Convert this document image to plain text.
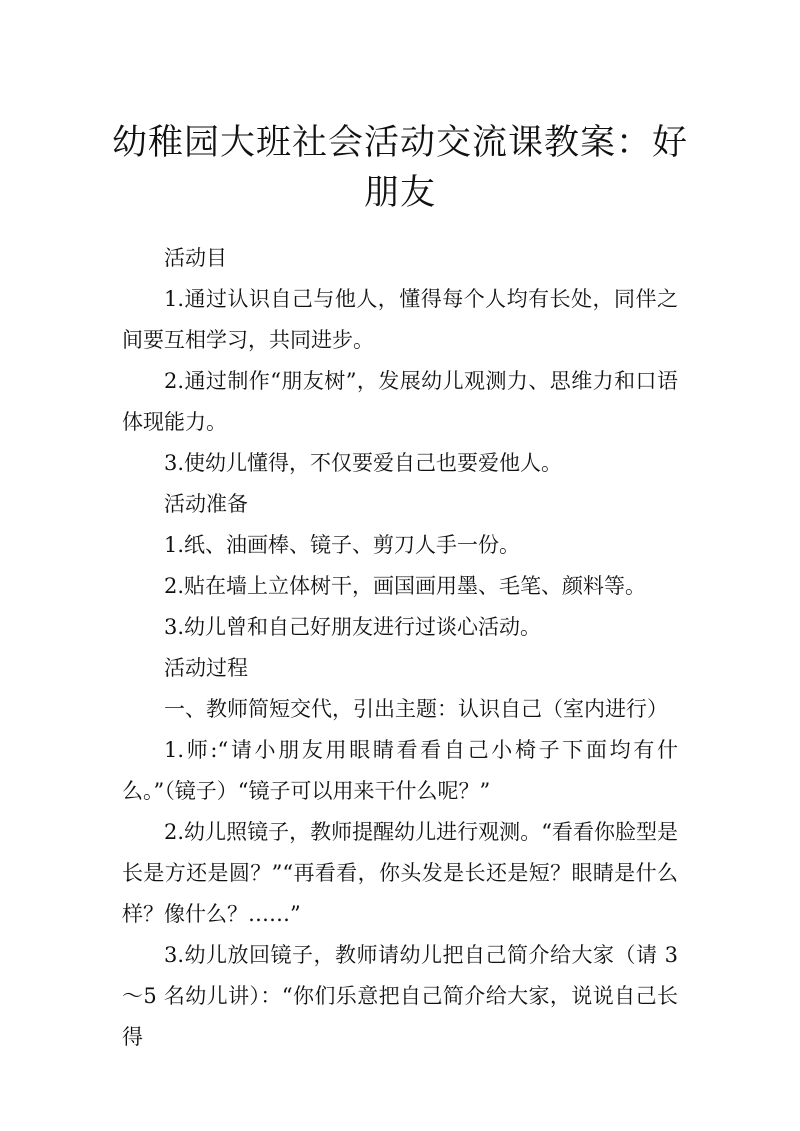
幼稚园大班社会活动交流课教案：好朋友

活动目

1.通过认识自己与他人，懂得每个人均有长处，同伴之间要互相学习，共同进步。

2.通过制作“朋友树”，发展幼儿观测力、思维力和口语体现能力。

3.使幼儿懂得，不仅要爱自己也要爱他人。

活动准备

1.纸、油画棒、镜子、剪刀人手一份。

2.贴在墙上立体树干，画国画用墨、毛笔、颜料等。

3.幼儿曾和自己好朋友进行过谈心活动。

活动过程

一、教师简短交代，引出主题：认识自己（室内进行）

1.师:“请小朋友用眼睛看看自己小椅子下面均有什么。”（镜子）“镜子可以用来干什么呢？”

2.幼儿照镜子，教师提醒幼儿进行观测。“看看你脸型是长是方还是圆？”“再看看，你头发是长还是短？眼睛是什么样？像什么？……”

3.幼儿放回镜子，教师请幼儿把自己简介给大家（请 3～5 名幼儿讲）：“你们乐意把自己简介给大家，说说自己长得
